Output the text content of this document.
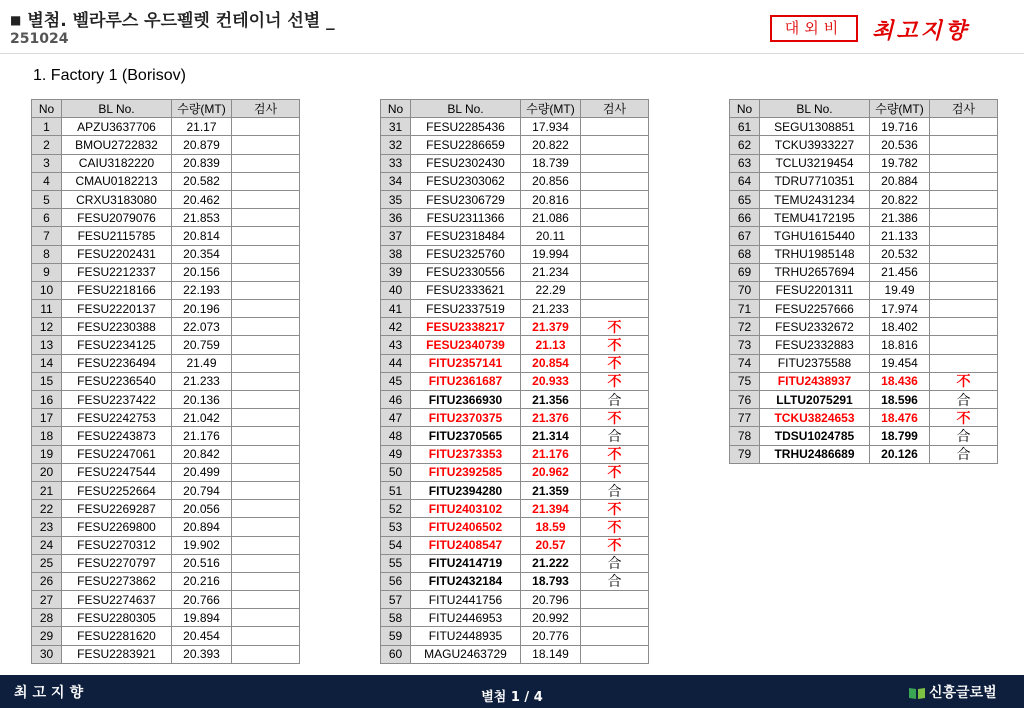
■ 별첨. 벨라루스 우드펠렛 컨테이너 선별 _
251024
대외비	최고지향
1. Factory 1 (Borisov)
No	BL No.	수량(MT)	검사
1	APZU3637706	21.17	
2	BMOU2722832	20.879	
3	CAIU3182220	20.839	
4	CMAU0182213	20.582	
5	CRXU3183080	20.462	
6	FESU2079076	21.853	
7	FESU2115785	20.814	
8	FESU2202431	20.354	
9	FESU2212337	20.156	
10	FESU2218166	22.193	
11	FESU2220137	20.196	
12	FESU2230388	22.073	
13	FESU2234125	20.759	
14	FESU2236494	21.49	
15	FESU2236540	21.233	
16	FESU2237422	20.136	
17	FESU2242753	21.042	
18	FESU2243873	21.176	
19	FESU2247061	20.842	
20	FESU2247544	20.499	
21	FESU2252664	20.794	
22	FESU2269287	20.056	
23	FESU2269800	20.894	
24	FESU2270312	19.902	
25	FESU2270797	20.516	
26	FESU2273862	20.216	
27	FESU2274637	20.766	
28	FESU2280305	19.894	
29	FESU2281620	20.454	
30	FESU2283921	20.393	
No	BL No.	수량(MT)	검사
31	FESU2285436	17.934	
32	FESU2286659	20.822	
33	FESU2302430	18.739	
34	FESU2303062	20.856	
35	FESU2306729	20.816	
36	FESU2311366	21.086	
37	FESU2318484	20.11	
38	FESU2325760	19.994	
39	FESU2330556	21.234	
40	FESU2333621	22.29	
41	FESU2337519	21.233	
42	FESU2338217	21.379	不
43	FESU2340739	21.13	不
44	FITU2357141	20.854	不
45	FITU2361687	20.933	不
46	FITU2366930	21.356	合
47	FITU2370375	21.376	不
48	FITU2370565	21.314	合
49	FITU2373353	21.176	不
50	FITU2392585	20.962	不
51	FITU2394280	21.359	合
52	FITU2403102	21.394	不
53	FITU2406502	18.59	不
54	FITU2408547	20.57	不
55	FITU2414719	21.222	合
56	FITU2432184	18.793	合
57	FITU2441756	20.796	
58	FITU2446953	20.992	
59	FITU2448935	20.776	
60	MAGU2463729	18.149	
No	BL No.	수량(MT)	검사
61	SEGU1308851	19.716	
62	TCKU3933227	20.536	
63	TCLU3219454	19.782	
64	TDRU7710351	20.884	
65	TEMU2431234	20.822	
66	TEMU4172195	21.386	
67	TGHU1615440	21.133	
68	TRHU1985148	20.532	
69	TRHU2657694	21.456	
70	FESU2201311	19.49	
71	FESU2257666	17.974	
72	FESU2332672	18.402	
73	FESU2332883	18.816	
74	FITU2375588	19.454	
75	FITU2438937	18.436	不
76	LLTU2075291	18.596	合
77	TCKU3824653	18.476	不
78	TDSU1024785	18.799	合
79	TRHU2486689	20.126	合
최고지향	별첨 1 / 4	신흥글로벌
